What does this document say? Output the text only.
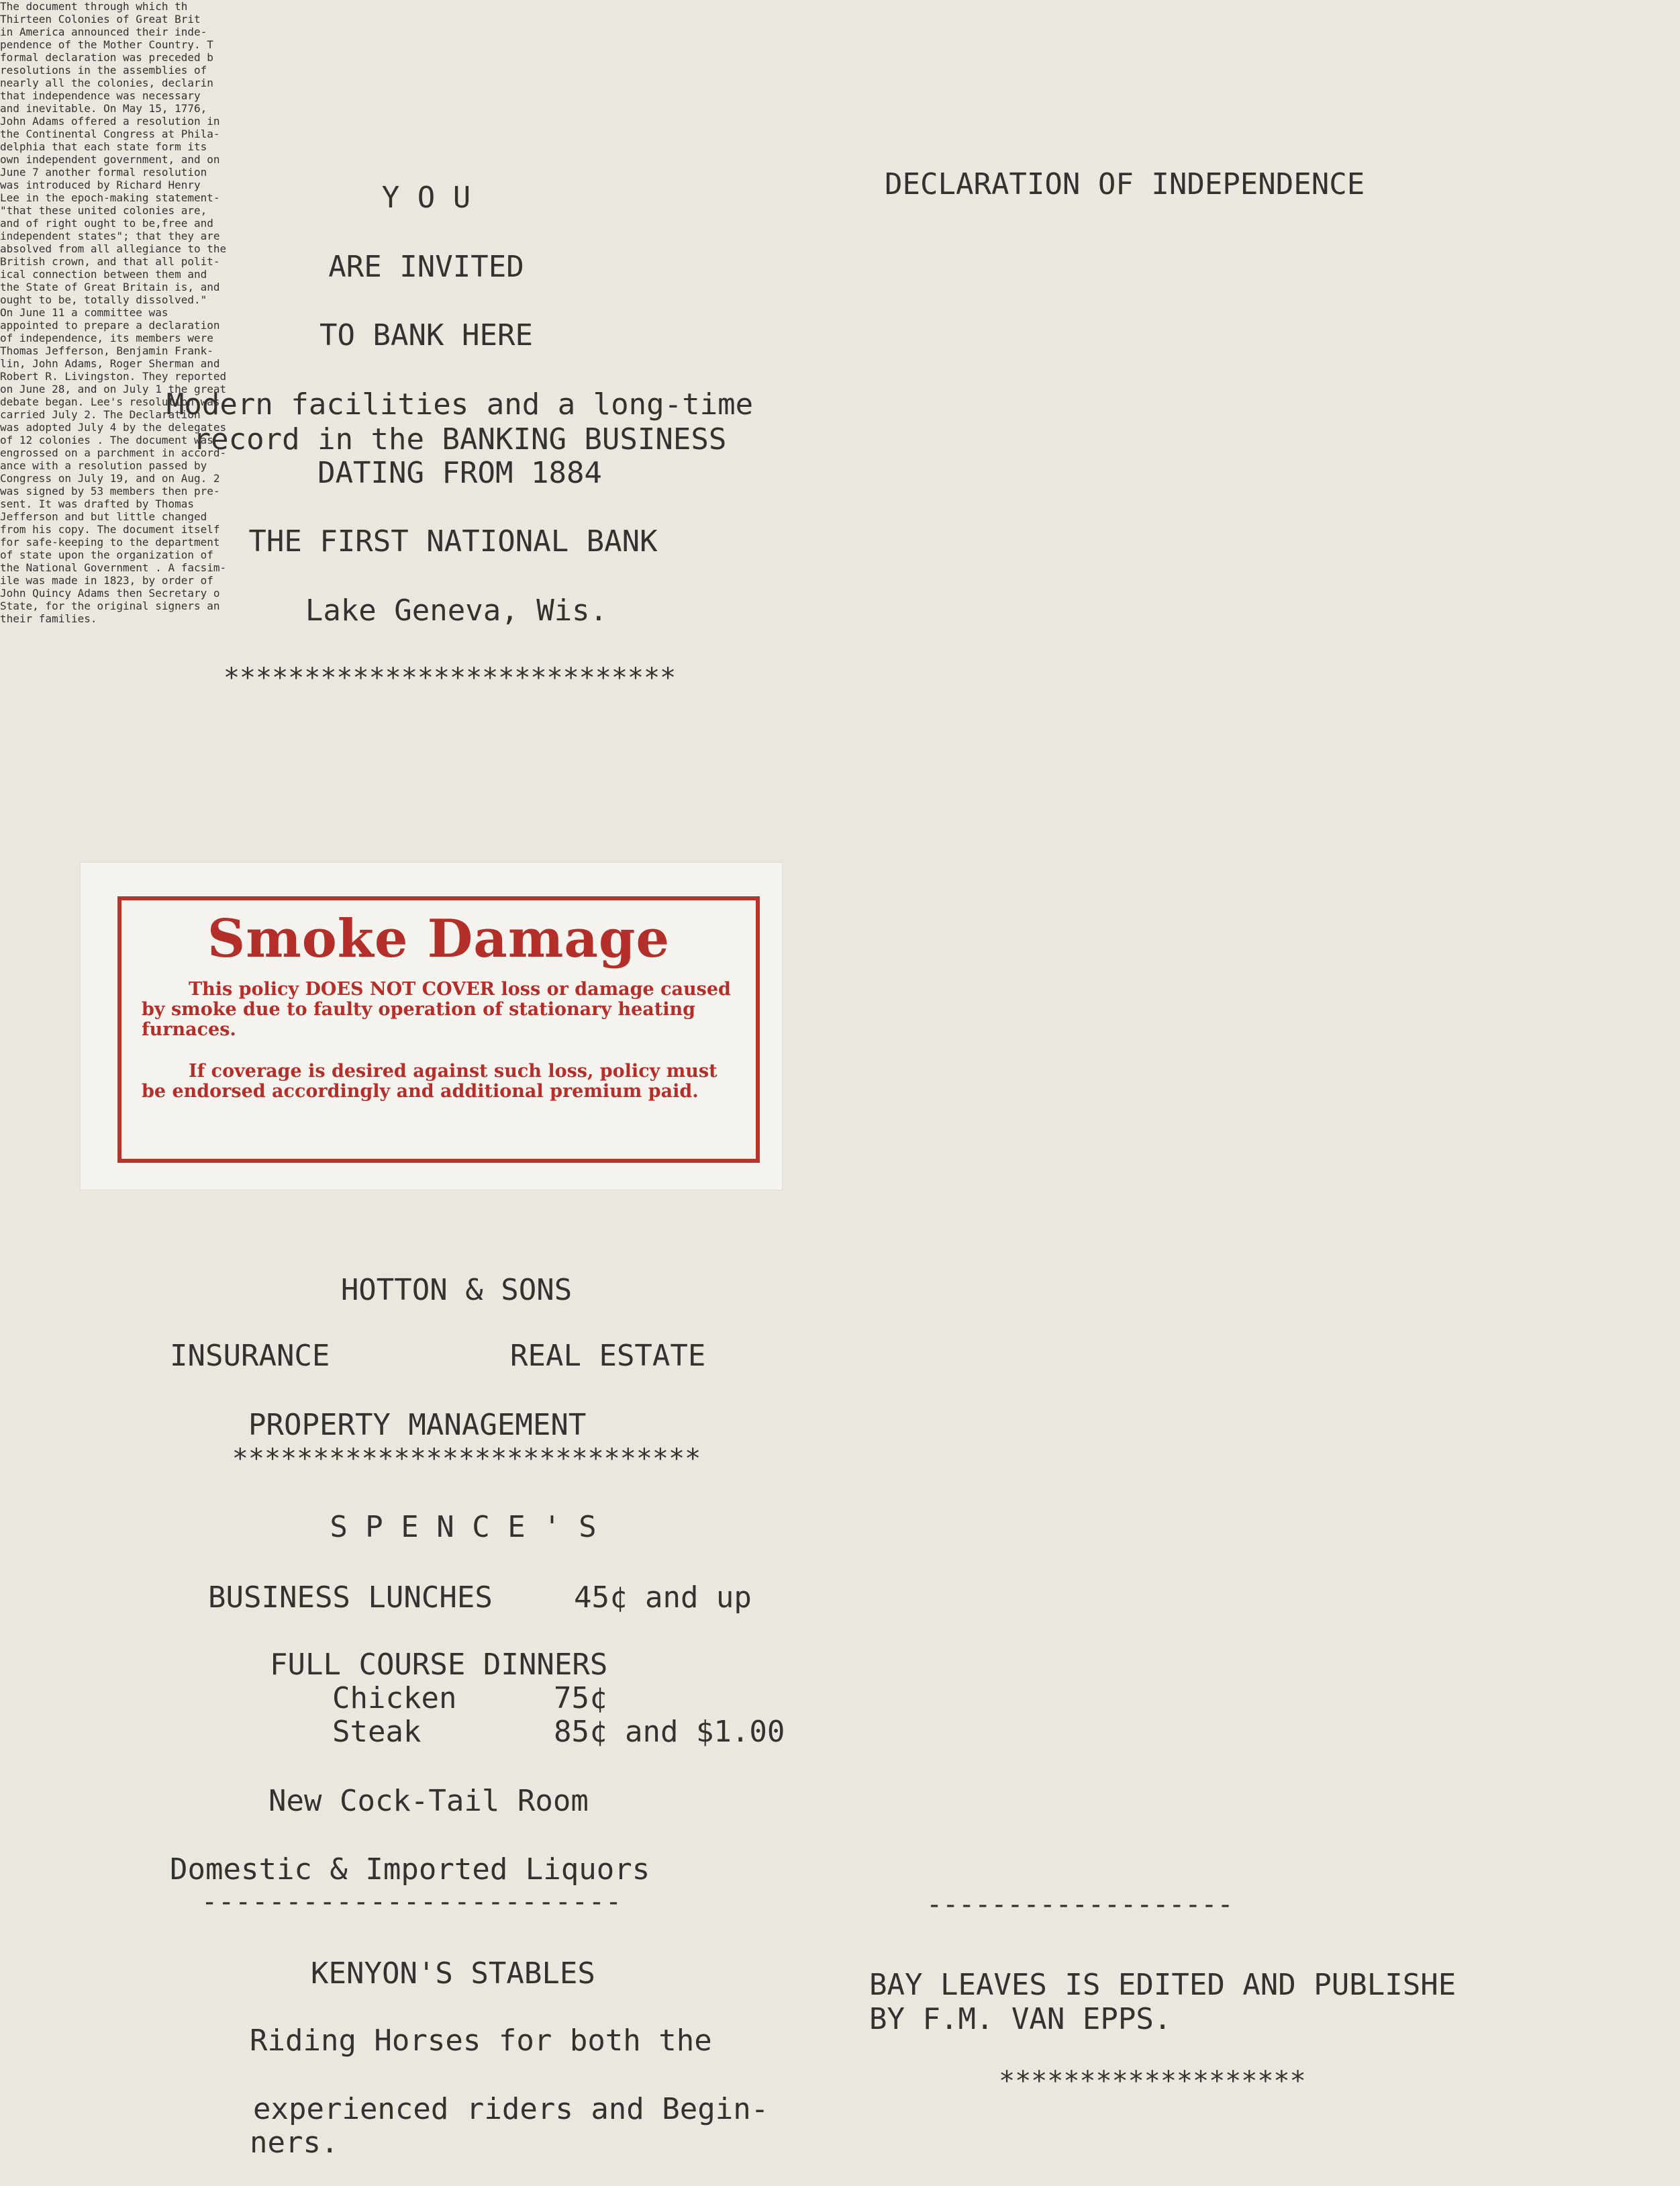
Y O U
ARE INVITED
TO BANK HERE
Modern facilities and a long-time
record in the BANKING BUSINESS
DATING FROM 1884
THE FIRST NATIONAL BANK
Lake Geneva, Wis.
****************************
Smoke Damage
This policy DOES NOT COVER loss or damage caused by smoke due to faulty operation of stationary heating furnaces.
If coverage is desired against such loss, policy must be endorsed accordingly and additional premium paid.
HOTTON & SONS
INSURANCE	REAL ESTATE
PROPERTY MANAGEMENT
*****************************
S P E N C E ' S
BUSINESS LUNCHES	45¢ and up
FULL COURSE DINNERS
Chicken	75¢
Steak	85¢ and $1.00
New Cock-Tail Room
Domestic & Imported Liquors
-------------------------
KENYON'S STABLES
Riding Horses for both the
experienced riders and Begin-
ners.
DECLARATION OF INDEPENDENCE
The document through which th
Thirteen Colonies of Great Brit
in America announced their inde-
pendence of the Mother Country. T
formal declaration was preceded b
resolutions in the assemblies of
nearly all the colonies, declarin
that independence was necessary
and inevitable. On May 15, 1776,
John Adams offered a resolution in
the Continental Congress at Phila-
delphia that each state form its
own independent government, and on
June 7 another formal resolution
was introduced by Richard Henry
Lee in the epoch-making statement-
"that these united colonies are,
and of right ought to be,free and
independent states"; that they are
absolved from all allegiance to the
British crown, and that all polit-
ical connection between them and
the State of Great Britain is, and
ought to be, totally dissolved."
On June 11 a committee was
appointed to prepare a declaration
of independence, its members were
Thomas Jefferson, Benjamin Frank-
lin, John Adams, Roger Sherman and
Robert R. Livingston. They reported
on June 28, and on July 1 the great
debate began. Lee's resolution was
carried July 2. The Declaration
was adopted July 4 by the delegates
of 12 colonies . The document was
engrossed on a parchment in accord-
ance with a resolution passed by
Congress on July 19, and on Aug. 2
was signed by 53 members then pre-
sent. It was drafted by Thomas
Jefferson and but little changed
from his copy. The document itself
for safe-keeping to the department
of state upon the organization of
the National Government . A facsim-
ile was made in 1823, by order of
John Quincy Adams then Secretary o
State, for the original signers an
their families.
-------------------
BAY LEAVES IS EDITED AND PUBLISHE
BY F.M. VAN EPPS.
*******************
